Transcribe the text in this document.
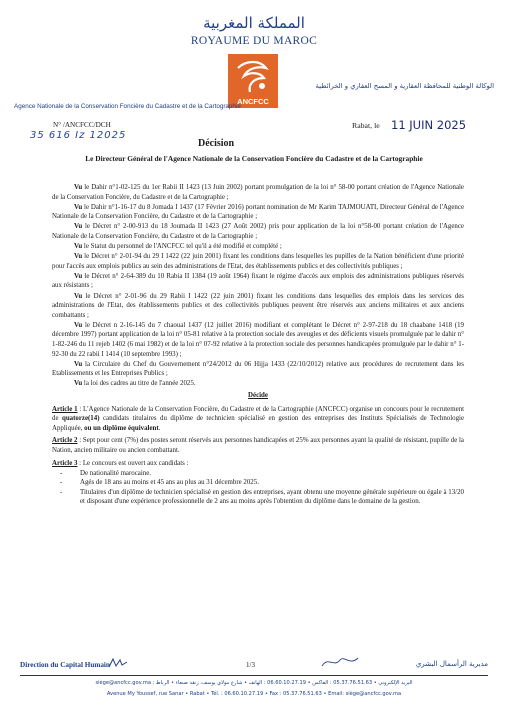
المملكة المغربية
ROYAUME DU MAROC
ANCFCC
Agence Nationale de la Conservation Foncière du Cadastre et de la Cartographie
الوكالة الوطنية للمحافظة العقارية و المسح العقاري و الخرائطية
N° /ANCFCC/DCH
35 616 Iz 12025
Rabat, le 11 JUIN 2025
Décision
Le Directeur Général de l'Agence Nationale de la Conservation Foncière du Cadastre et de la Cartographie

Vu le Dahir n°1-02-125 du 1er Rabii II 1423 (13 Juin 2002) portant promulgation de la loi n° 58-00 portant création de l'Agence Nationale de la Conservation Foncière, du Cadastre et de la Cartographie ;

Vu le Dahir n°1-16-17 du 8 Jomada I 1437 (17 Février 2016) portant nomination de Mr Karim TAJMOUATI, Directeur Général de l'Agence Nationale de la Conservation Foncière, du Cadastre et de la Cartographie ;

Vu le Décret n° 2-00-913 du 18 Joumada II 1423 (27 Août 2002) pris pour application de la loi n°58-00 portant création de l'Agence Nationale de la Conservation Foncière, du Cadastre et de la Cartographie ;

Vu le Statut du personnel de l'ANCFCC tel qu'il a été modifié et complété ;

Vu le Décret n° 2-01-94 du 29 I 1422 (22 juin 2001) fixant les conditions dans lesquelles les pupilles de la Nation bénéficient d'une priorité pour l'accès aux emplois publics au sein des administrations de l'Etat, des établissements publics et des collectivités publiques ;

Vu le Décret n° 2-64-389 du 10 Rabia II 1384 (19 août 1964) fixant le régime d'accès aux emplois des administrations publiques réservés aux résistants ;

Vu le Décret n° 2-01-96 du 29 Rabii I 1422 (22 juin 2001) fixant les conditions dans lesquelles des emplois dans les services des administrations de l'Etat, des établissements publics et des collectivités publiques peuvent être réservés aux anciens militaires et aux anciens combattants ;

Vu le Décret n 2-16-145 du 7 chaoual 1437 (12 juillet 2016) modifiant et complétant le Décret n° 2-97-218 du 18 chaabane 1418 (19 décembre 1997) portant application de la loi n° 05-81 relative à la protection sociale des aveugles et des déficients visuels promulguée par le dahir n° 1-82-246 du 11 rejeb 1402 (6 mai 1982) et de la loi n° 07-92 relative à la protection sociale des personnes handicapées promulguée par le dahir n° 1-92-30 du 22 rabii I 1414 (10 septembre 1993) ;

Vu la Circulaire du Chef du Gouvernement n°24/2012 du 06 Hijja 1433 (22/10/2012) relative aux procédures de recrutement dans les Etablissements et les Entreprises Publics ;

Vu la loi des cadres au titre de l'année 2025.

Décide

Article 1 : L'Agence Nationale de la Conservation Foncière, du Cadastre et de la Cartographie (ANCFCC) organise un concours pour le recrutement de quatorze(14) candidats titulaires du diplôme de technicien spécialisé en gestion des entreprises des Instituts Spécialisés de Technologie Appliquée, ou un diplôme équivalent.

Article 2 : Sept pour cent (7%) des postes seront réservés aux personnes handicapées et 25% aux personnes ayant la qualité de résistant, pupille de la Nation, ancien militaire ou ancien combattant.

Article 3 : Le concours est ouvert aux candidats :

- De nationalité marocaine.
- Agés de 18 ans au moins et 45 ans au plus au 31 décembre 2025.
- Titulaires d'un diplôme de technicien spécialisé en gestion des entreprises, ayant obtenu une moyenne générale supérieure ou égale à 13/20 et disposant d'une expérience professionnelle de 2 ans au moins après l'obtention du diplôme dans le domaine de la gestion.
Direction du Capital Humain	1/3	مديرية الرأسمال البشري
siège@ancfcc.gov.ma : البريد الإلكتروني • 05.37.76.51.63 : الفاكس • 06.60.10.27.19 : الهاتف • شارع مولاي يوسف، زنقة صنعاء • الرباط
Avenue My Youssef, rue Sanar • Rabat • Tél. : 06.60.10.27.19 • Fax : 05.37.76.51.63 • Email: siège@ancfcc.gov.ma
